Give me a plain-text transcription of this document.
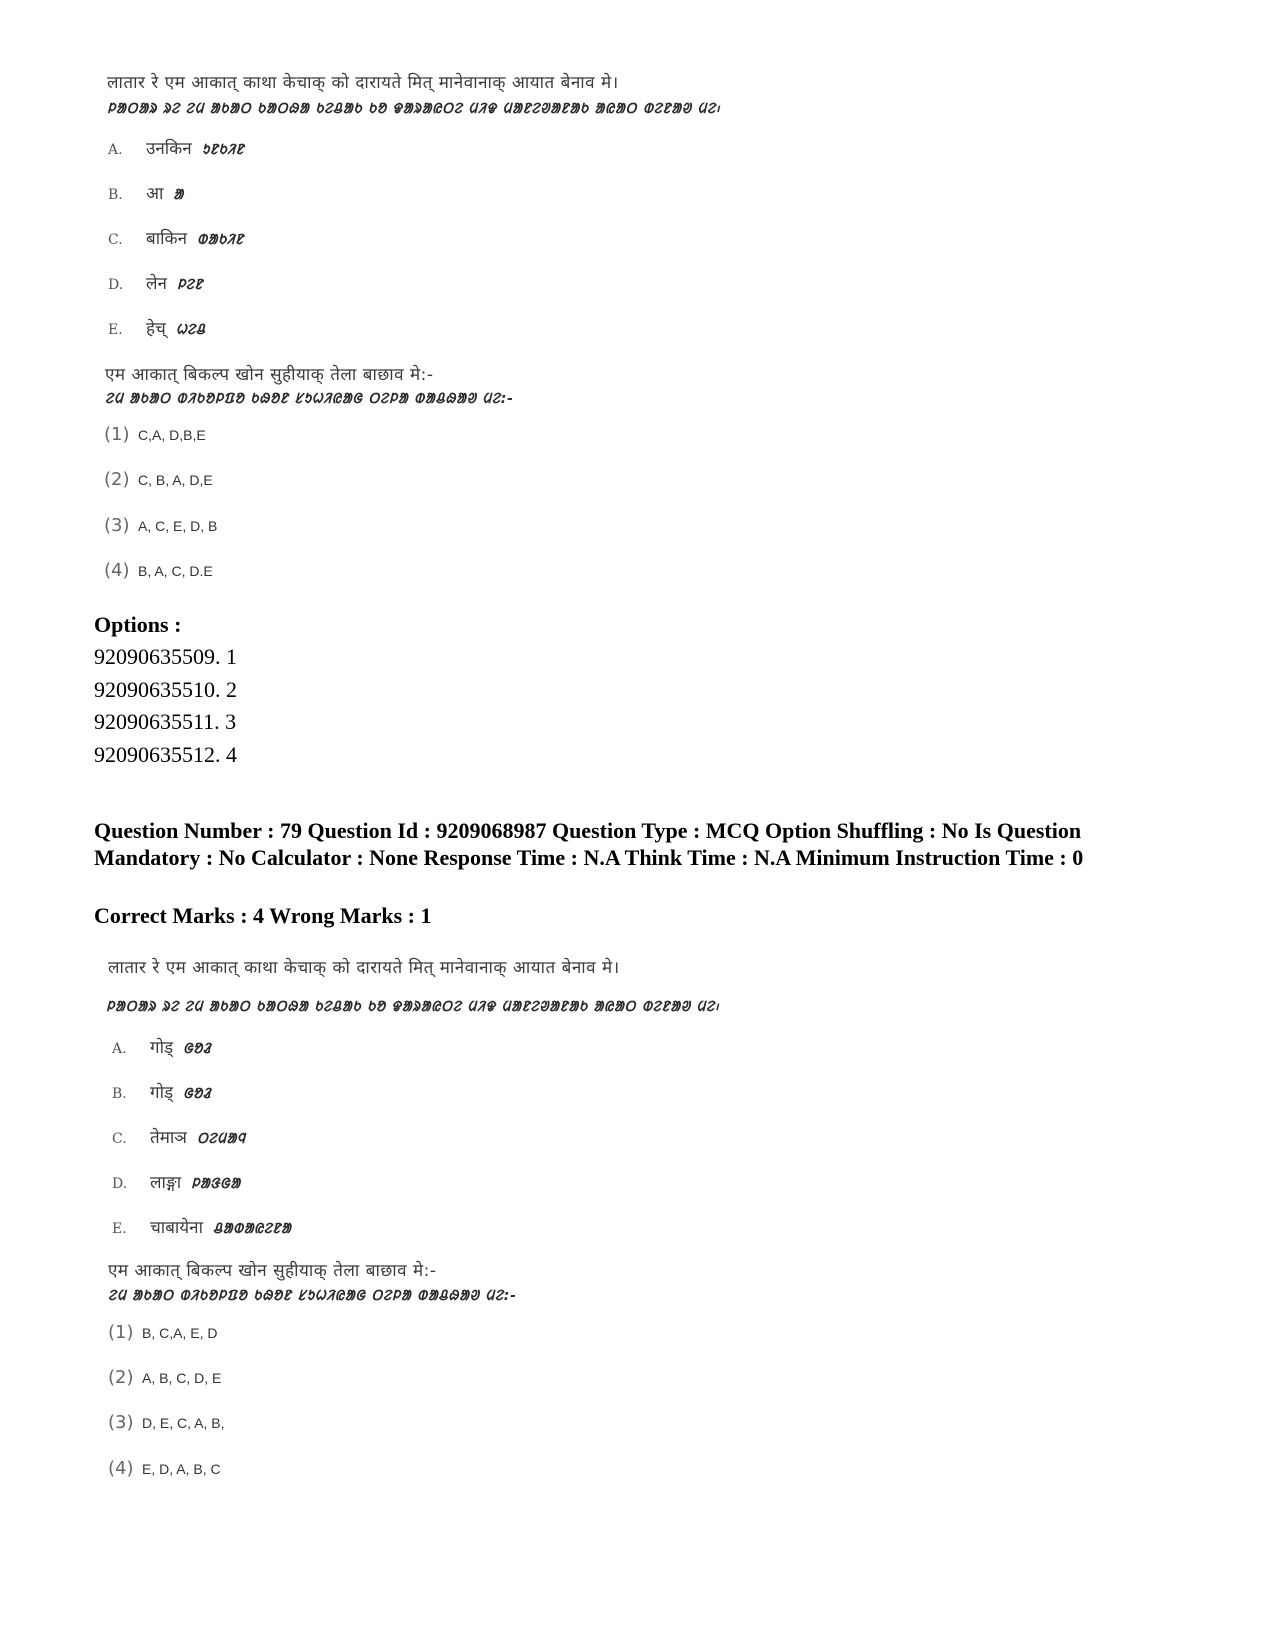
लातार रे एम आकात् काथा केचाक् को दारायते मित् मानेवानाक् आयात बेनाव मे।
ᱞᱟᱛᱟᱨ ᱨᱮ ᱮᱢ ᱟᱠᱟᱛ ᱠᱟᱛᱷᱟ ᱠᱮᱪᱟᱠ ᱠᱚ ᱫᱟᱨᱟᱭᱛᱮ ᱢᱤᱫ ᱢᱟᱱᱮᱣᱟᱱᱟᱠ ᱟᱭᱟᱛ ᱵᱮᱱᱟᱣ ᱢᱮ᱾
A. उनकिन ᱩᱱᱠᱤᱱ
B. आ ᱟ
C. बाकिन ᱵᱟᱠᱤᱱ
D. लेन ᱞᱮᱱ
E. हेच् ᱦᱮᱪ
एम आकात् बिकल्प खोन सुहीयाक् तेला बाछाव मे:-
ᱮᱢ ᱟᱠᱟᱛ ᱵᱤᱠᱚᱞᱯᱚ ᱠᱷᱚᱱ ᱥᱩᱦᱤᱭᱟᱜ ᱛᱮᱞᱟ ᱵᱟᱪᱷᱟᱣ ᱢᱮ:-
(1) C,A, D,B,E
(2) C, B, A, D,E
(3) A, C, E, D, B
(4) B, A, C, D.E
Options :
92090635509. 1
92090635510. 2
92090635511. 3
92090635512. 4
Question Number : 79 Question Id : 9209068987 Question Type : MCQ Option Shuffling : No Is Question Mandatory : No Calculator : None Response Time : N.A Think Time : N.A Minimum Instruction Time : 0
Correct Marks : 4 Wrong Marks : 1
लातार रे एम आकात् काथा केचाक् को दारायते मित् मानेवानाक् आयात बेनाव मे।
ᱞᱟᱛᱟᱨ ᱨᱮ ᱮᱢ ᱟᱠᱟᱛ ᱠᱟᱛᱷᱟ ᱠᱮᱪᱟᱠ ᱠᱚ ᱫᱟᱨᱟᱭᱛᱮ ᱢᱤᱫ ᱢᱟᱱᱮᱣᱟᱱᱟᱠ ᱟᱭᱟᱛ ᱵᱮᱱᱟᱣ ᱢᱮ᱾
A. गोड् ᱜᱚᱲ
B. गोड् ᱜᱚᱲ
C. तेमाञ ᱛᱮᱢᱟᱧ
D. लाङ्गा ᱞᱟᱝᱜᱟ
E. चाबायेना ᱪᱟᱵᱟᱭᱮᱱᱟ
एम आकात् बिकल्प खोन सुहीयाक् तेला बाछाव मे:-
ᱮᱢ ᱟᱠᱟᱛ ᱵᱤᱠᱚᱞᱯᱚ ᱠᱷᱚᱱ ᱥᱩᱦᱤᱭᱟᱜ ᱛᱮᱞᱟ ᱵᱟᱪᱷᱟᱣ ᱢᱮ:-
(1) B, C,A, E, D
(2) A, B, C, D, E
(3) D, E, C, A, B,
(4) E, D, A, B, C
